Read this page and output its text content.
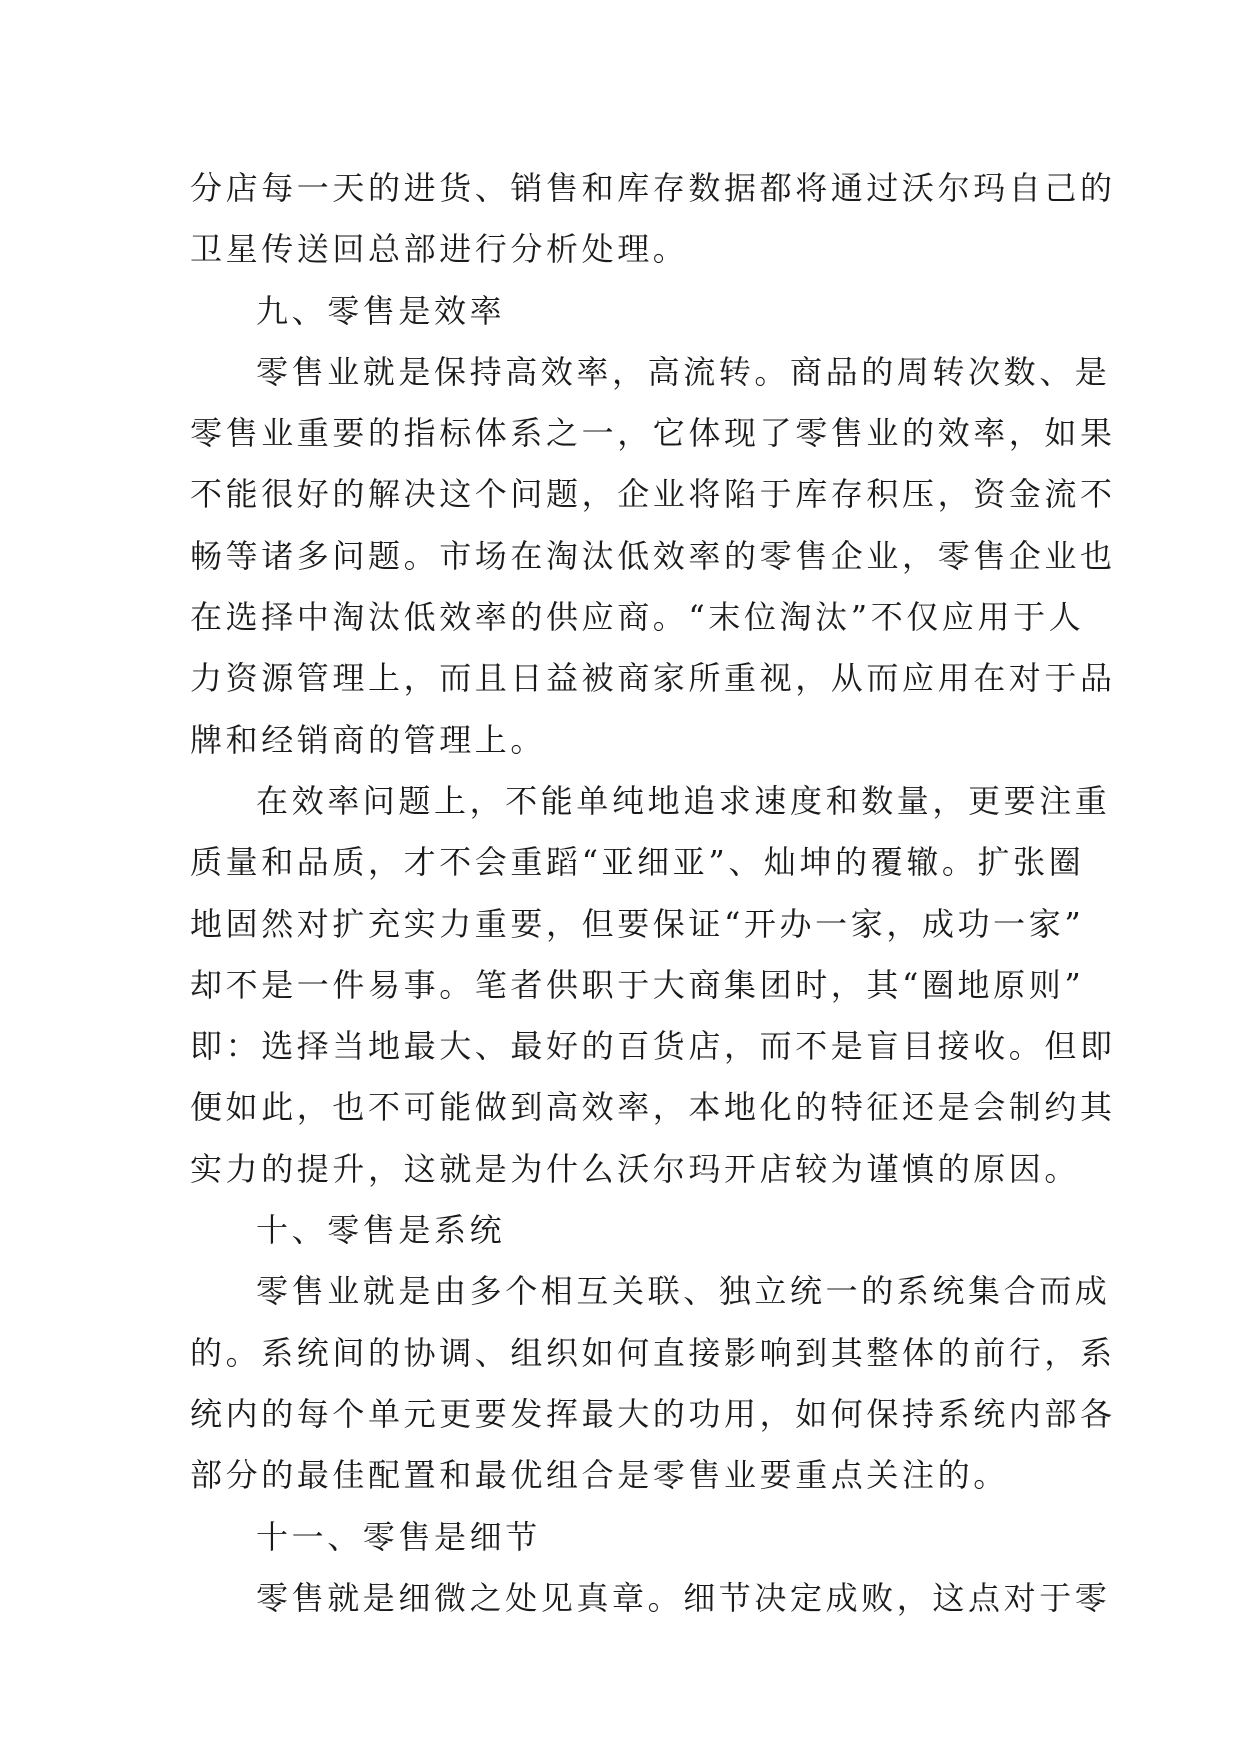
分店每一天的进货、销售和库存数据都将通过沃尔玛自己的
卫星传送回总部进行分析处理。
九、零售是效率
零售业就是保持高效率，高流转。商品的周转次数、是
零售业重要的指标体系之一，它体现了零售业的效率，如果
不能很好的解决这个问题，企业将陷于库存积压，资金流不
畅等诸多问题。市场在淘汰低效率的零售企业，零售企业也
在选择中淘汰低效率的供应商。“末位淘汰”不仅应用于人
力资源管理上，而且日益被商家所重视，从而应用在对于品
牌和经销商的管理上。
在效率问题上，不能单纯地追求速度和数量，更要注重
质量和品质，才不会重蹈“亚细亚”、灿坤的覆辙。扩张圈
地固然对扩充实力重要，但要保证“开办一家，成功一家”
却不是一件易事。笔者供职于大商集团时，其“圈地原则”
即：选择当地最大、最好的百货店，而不是盲目接收。但即
便如此，也不可能做到高效率，本地化的特征还是会制约其
实力的提升，这就是为什么沃尔玛开店较为谨慎的原因。
十、零售是系统
零售业就是由多个相互关联、独立统一的系统集合而成
的。系统间的协调、组织如何直接影响到其整体的前行，系
统内的每个单元更要发挥最大的功用，如何保持系统内部各
部分的最佳配置和最优组合是零售业要重点关注的。
十一、零售是细节
零售就是细微之处见真章。细节决定成败，这点对于零
